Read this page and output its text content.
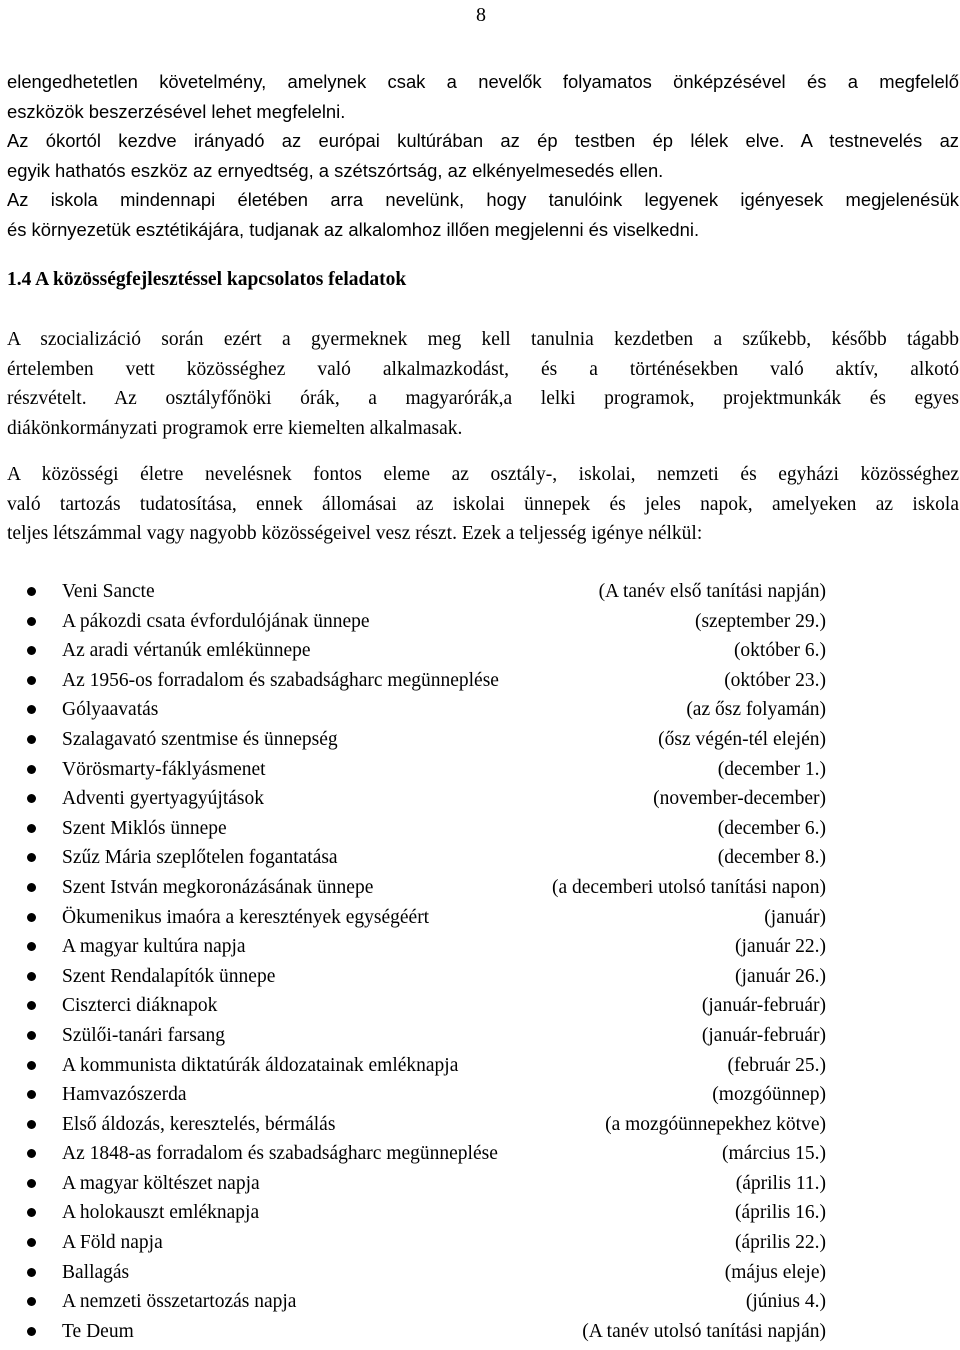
8
elengedhetetlen követelmény, amelynek csak a nevelők folyamatos önképzésével és a megfelelő
eszközök beszerzésével lehet megfelelni.
Az ókortól kezdve irányadó az európai kultúrában az ép testben ép lélek elve. A testnevelés az
egyik hathatós eszköz az ernyedtség, a szétszórtság, az elkényelmesedés ellen.
Az iskola mindennapi életében arra nevelünk, hogy tanulóink legyenek igényesek megjelenésük
és környezetük esztétikájára, tudjanak az alkalomhoz illően megjelenni és viselkedni.
1.4 A közösségfejlesztéssel kapcsolatos feladatok
A szocializáció során ezért a gyermeknek meg kell tanulnia kezdetben a szűkebb, később tágabb
értelemben vett közösséghez való alkalmazkodást, és a történésekben való aktív, alkotó
részvételt. Az osztályfőnöki órák, a magyarórák,a lelki programok, projektmunkák és egyes
diákönkormányzati programok erre kiemelten alkalmasak.
A közösségi életre nevelésnek fontos eleme az osztály-, iskolai, nemzeti és egyházi közösséghez
való tartozás tudatosítása, ennek állomásai az iskolai ünnepek és jeles napok, amelyeken az iskola
teljes létszámmal vagy nagyobb közösségeivel vesz részt. Ezek a teljesség igénye nélkül:
Veni Sancte	(A tanév első tanítási napján)
A pákozdi csata évfordulójának ünnepe	(szeptember 29.)
Az aradi vértanúk emlékünnepe	(október 6.)
Az 1956-os forradalom és szabadságharc megünneplése	(október 23.)
Gólyaavatás	(az ősz folyamán)
Szalagavató szentmise és ünnepség	(ősz végén-tél elején)
Vörösmarty-fáklyásmenet	(december 1.)
Adventi gyertyagyújtások	(november-december)
Szent Miklós ünnepe	(december 6.)
Szűz Mária szeplőtelen fogantatása	(december 8.)
Szent István megkoronázásának ünnepe	(a decemberi utolsó tanítási napon)
Ökumenikus imaóra a keresztények egységéért	(január)
A magyar kultúra napja	(január 22.)
Szent Rendalapítók ünnepe	(január 26.)
Ciszterci diáknapok	(január-február)
Szülői-tanári farsang	(január-február)
A kommunista diktatúrák áldozatainak emléknapja	(február 25.)
Hamvazószerda	(mozgóünnep)
Első áldozás, keresztelés, bérmálás	(a mozgóünnepekhez kötve)
Az 1848-as forradalom és szabadságharc megünneplése	(március 15.)
A magyar költészet napja	(április 11.)
A holokauszt emléknapja	(április 16.)
A Föld napja	(április 22.)
Ballagás	(május eleje)
A nemzeti összetartozás napja	(június 4.)
Te Deum	(A tanév utolsó tanítási napján)
